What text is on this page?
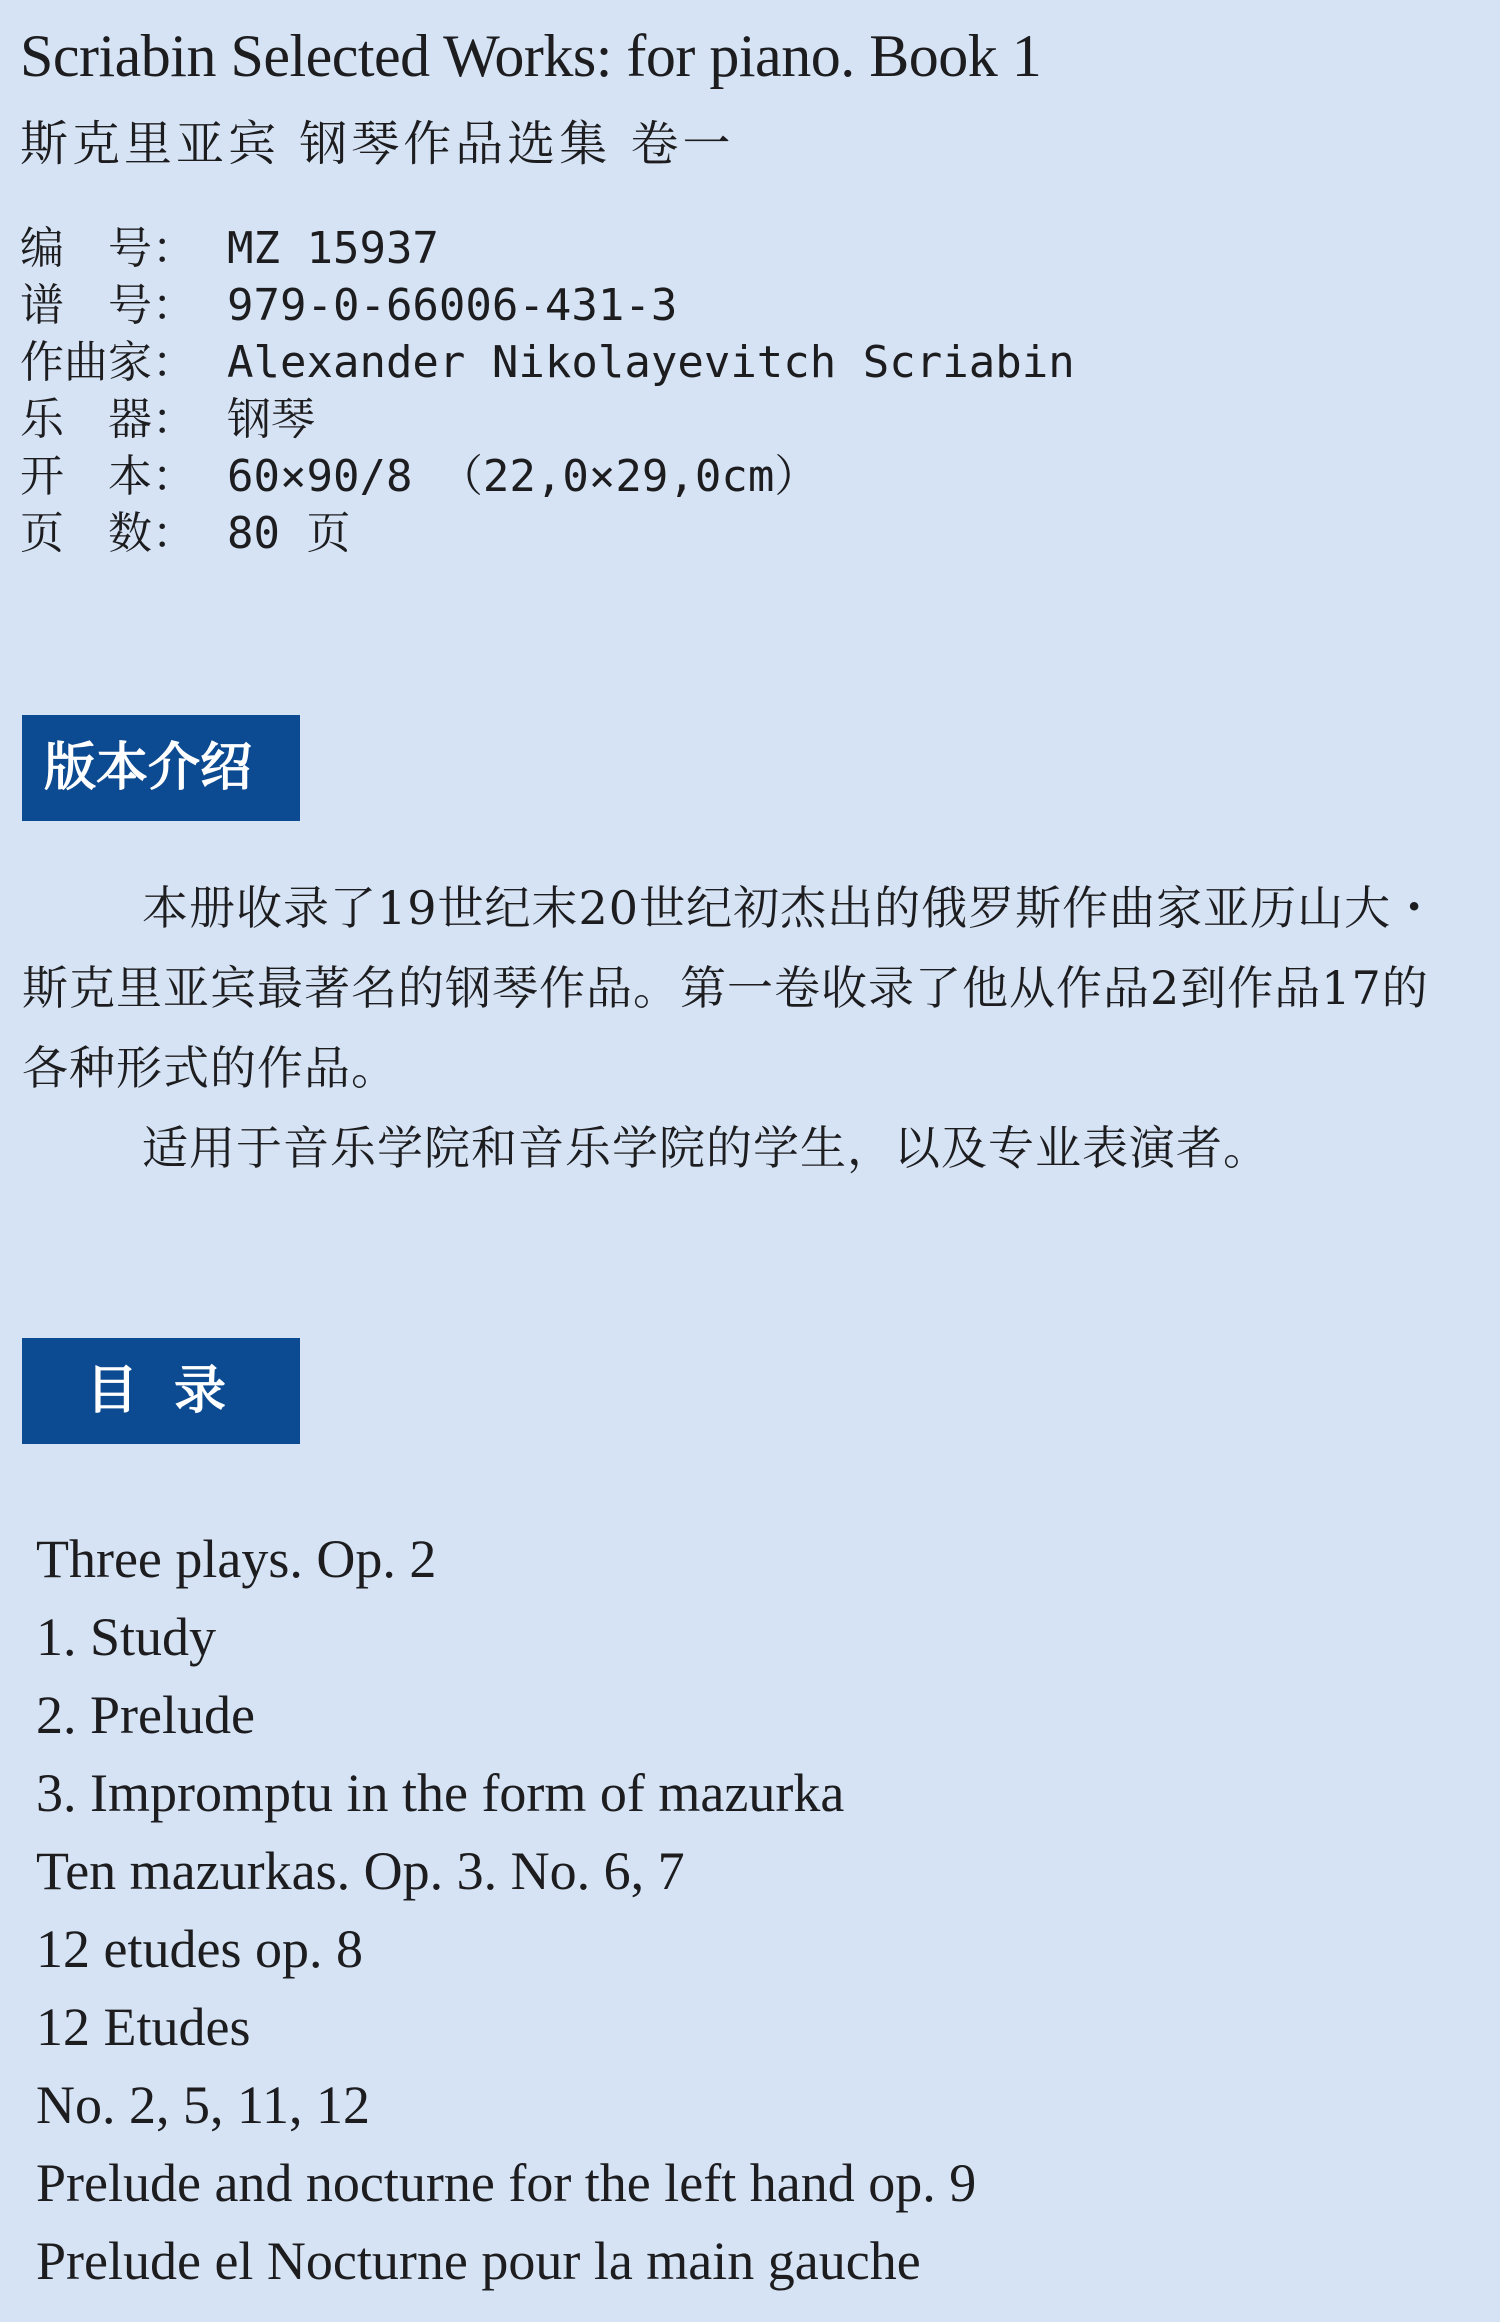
Scriabin Selected Works: for piano. Book 1
斯克里亚宾 钢琴作品选集 卷一
编　号： MZ 15937
谱　号： 979-0-66006-431-3
作曲家： Alexander Nikolayevitch Scriabin
乐　器： 钢琴
开　本： 60×90/8 （22,0×29,0cm）
页　数： 80 页
版本介绍

本册收录了19世纪末20世纪初杰出的俄罗斯作曲家亚历山大・斯克里亚宾最著名的钢琴作品。第一卷收录了他从作品2到作品17的各种形式的作品。

适用于音乐学院和音乐学院的学生，以及专业表演者。

目录
Three plays. Op. 2
1. Study
2. Prelude
3. Impromptu in the form of mazurka
Ten mazurkas. Op. 3. No. 6, 7
12 etudes op. 8
12 Etudes
No. 2, 5, 11, 12
Prelude and nocturne for the left hand op. 9
Prelude el Nocturne pour la main gauche
